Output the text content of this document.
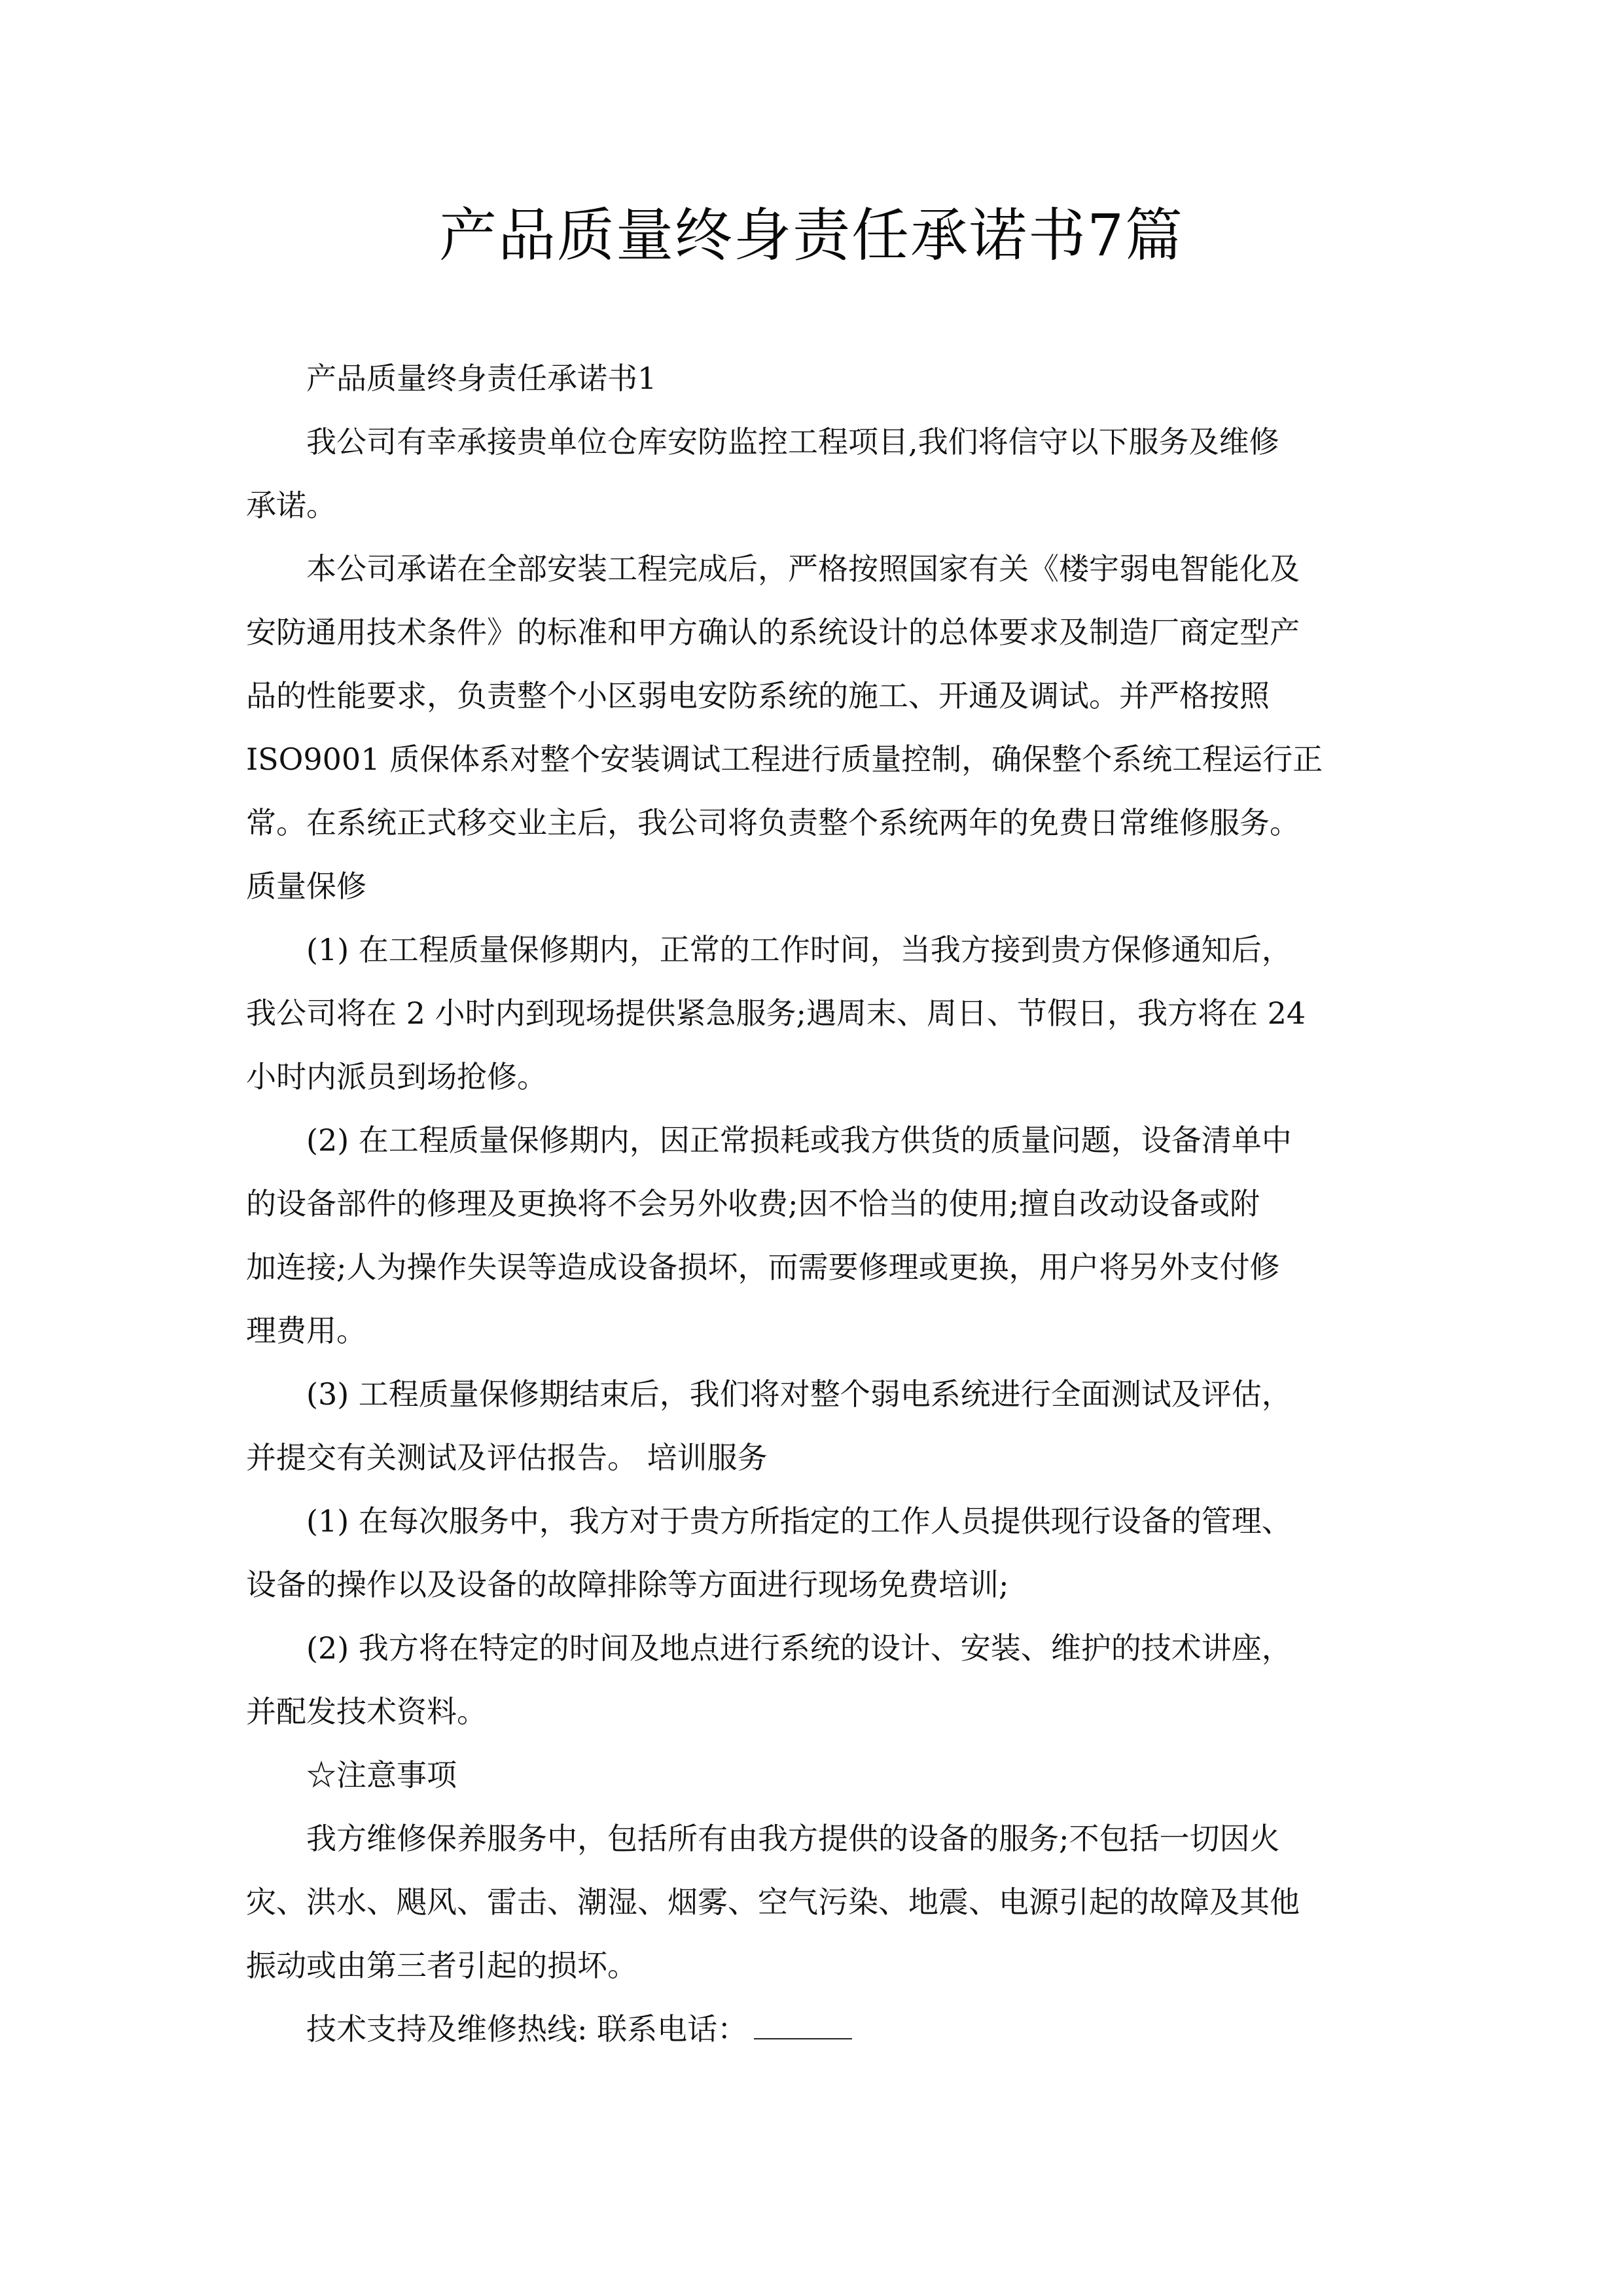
产品质量终身责任承诺书7篇
产品质量终身责任承诺书1
我公司有幸承接贵单位仓库安防监控工程项目,我们将信守以下服务及维修
承诺。
本公司承诺在全部安装工程完成后，严格按照国家有关《楼宇弱电智能化及
安防通用技术条件》的标准和甲方确认的系统设计的总体要求及制造厂商定型产
品的性能要求，负责整个小区弱电安防系统的施工、开通及调试。并严格按照
ISO9001 质保体系对整个安装调试工程进行质量控制，确保整个系统工程运行正
常。在系统正式移交业主后，我公司将负责整个系统两年的免费日常维修服务。
质量保修
(1) 在工程质量保修期内，正常的工作时间，当我方接到贵方保修通知后，
我公司将在 2 小时内到现场提供紧急服务;遇周末、周日、节假日，我方将在 24
小时内派员到场抢修。
(2) 在工程质量保修期内，因正常损耗或我方供货的质量问题，设备清单中
的设备部件的修理及更换将不会另外收费;因不恰当的使用;擅自改动设备或附
加连接;人为操作失误等造成设备损坏，而需要修理或更换，用户将另外支付修
理费用。
(3) 工程质量保修期结束后，我们将对整个弱电系统进行全面测试及评估，
并提交有关测试及评估报告。 培训服务
(1) 在每次服务中，我方对于贵方所指定的工作人员提供现行设备的管理、
设备的操作以及设备的故障排除等方面进行现场免费培训;
(2) 我方将在特定的时间及地点进行系统的设计、安装、维护的技术讲座，
并配发技术资料。
☆注意事项
我方维修保养服务中，包括所有由我方提供的设备的服务;不包括一切因火
灾、洪水、飓风、雷击、潮湿、烟雾、空气污染、地震、电源引起的故障及其他
振动或由第三者引起的损坏。
技术支持及维修热线: 联系电话：
